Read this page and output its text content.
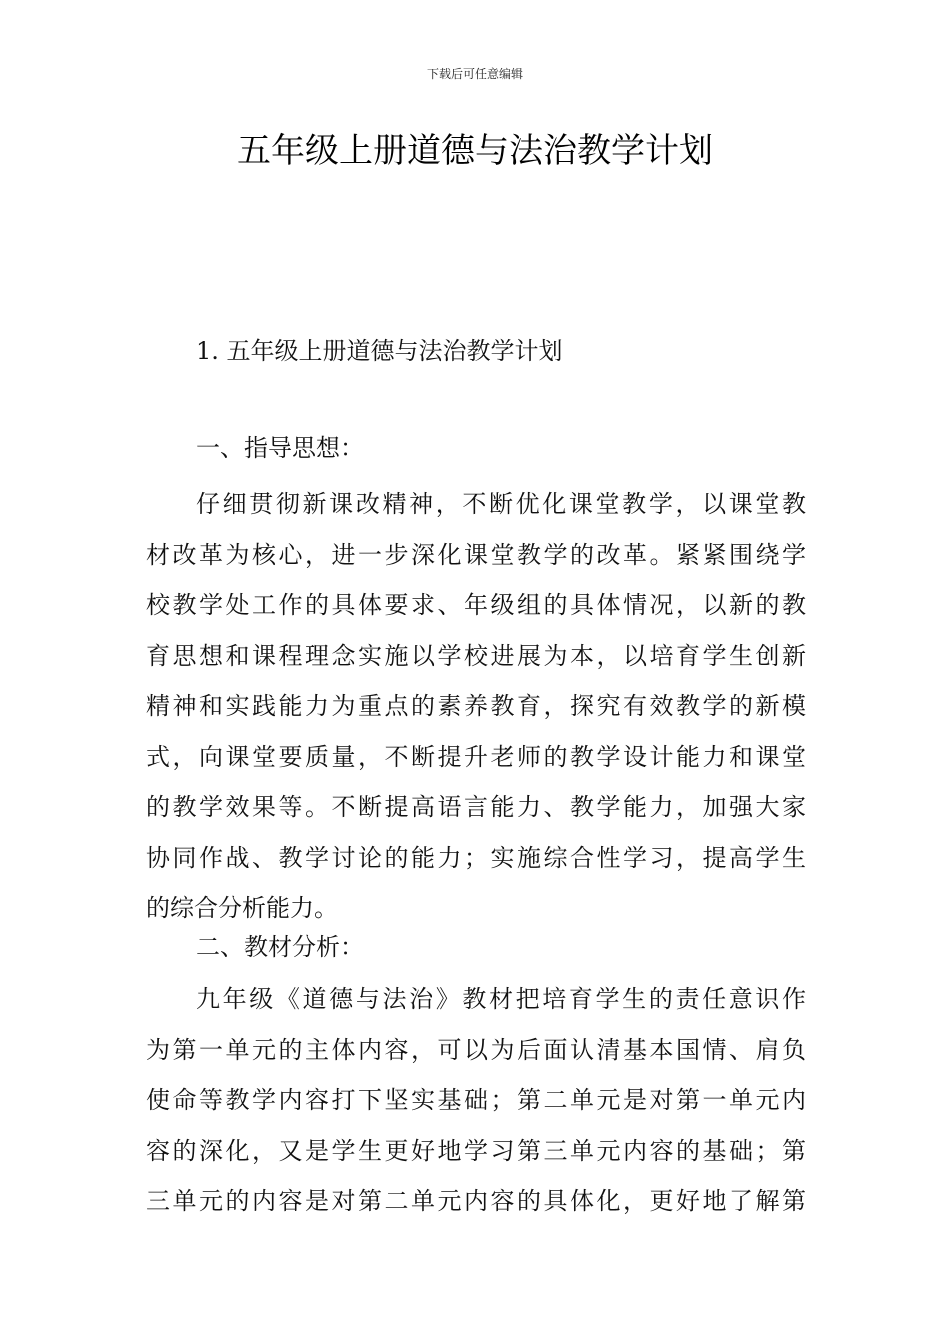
下载后可任意编辑
五年级上册道德与法治教学计划
1. 五年级上册道德与法治教学计划
一、指导思想：
仔细贯彻新课改精神，不断优化课堂教学，以课堂教
材改革为核心，进一步深化课堂教学的改革。紧紧围绕学
校教学处工作的具体要求、年级组的具体情况，以新的教
育思想和课程理念实施以学校进展为本，以培育学生创新
精神和实践能力为重点的素养教育，探究有效教学的新模
式，向课堂要质量，不断提升老师的教学设计能力和课堂
的教学效果等。不断提高语言能力、教学能力，加强大家
协同作战、教学讨论的能力；实施综合性学习，提高学生
的综合分析能力。
二、教材分析：
九年级《道德与法治》教材把培育学生的责任意识作
为第一单元的主体内容，可以为后面认清基本国情、肩负
使命等教学内容打下坚实基础；第二单元是对第一单元内
容的深化，又是学生更好地学习第三单元内容的基础；第
三单元的内容是对第二单元内容的具体化，更好地了解第
